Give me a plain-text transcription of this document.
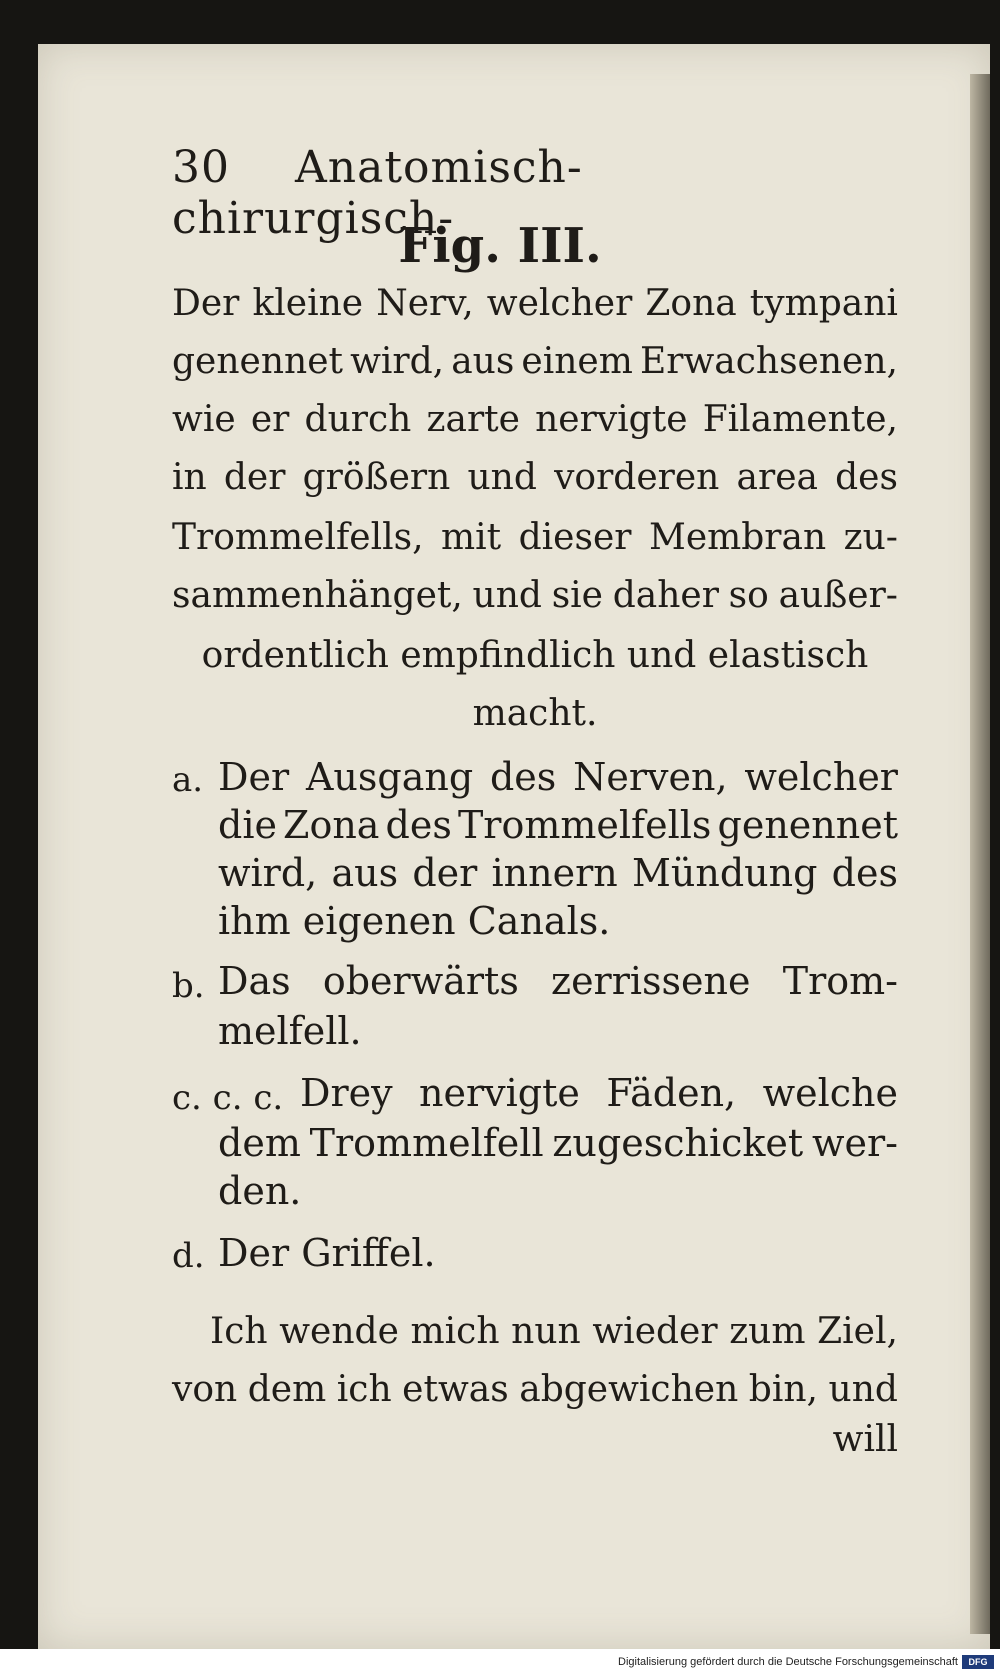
30 Anatomisch-chirurgisch-
Fig. III.
Der kleine Nerv, welcher Zona tympani
genennet wird, aus einem Erwachsenen,
wie er durch zarte nervigte Filamente,
in der größern und vorderen area des
Trommelfells, mit dieser Membran zu-
sammenhänget, und sie daher so außer-
ordentlich empfindlich und elastisch
macht.
a. Der Ausgang des Nerven, welcher
die Zona des Trommelfells genennet
wird, aus der innern Mündung des
ihm eigenen Canals.
b. Das oberwärts zerrissene Trom-
melfell.
c. c. c. Drey nervigte Fäden, welche
dem Trommelfell zugeschicket wer-
den.
d. Der Griffel.
Ich wende mich nun wieder zum Ziel,
von dem ich etwas abgewichen bin, und
will
Digitalisierung gefördert durch die Deutsche Forschungsgemeinschaft	DFG
